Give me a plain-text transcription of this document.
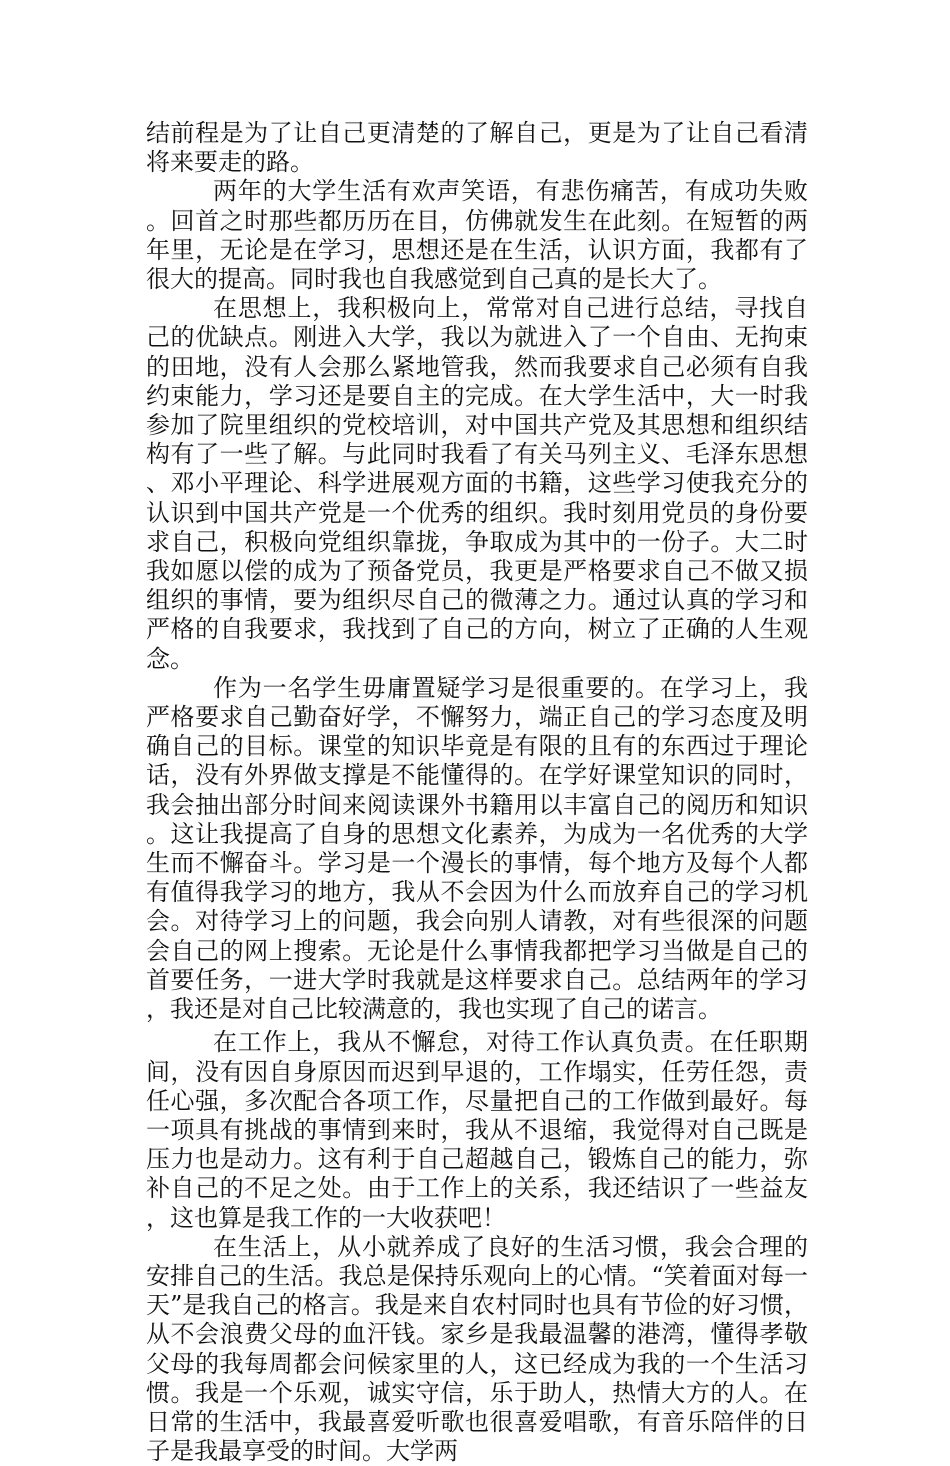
结前程是为了让自己更清楚的了解自己，更是为了让自己看清将来要走的路。

两年的大学生活有欢声笑语，有悲伤痛苦，有成功失败。回首之时那些都历历在目，仿佛就发生在此刻。在短暂的两年里，无论是在学习，思想还是在生活，认识方面，我都有了很大的提高。同时我也自我感觉到自己真的是长大了。

在思想上，我积极向上，常常对自己进行总结，寻找自己的优缺点。刚进入大学，我以为就进入了一个自由、无拘束的田地，没有人会那么紧地管我，然而我要求自己必须有自我约束能力，学习还是要自主的完成。在大学生活中，大一时我参加了院里组织的党校培训，对中国共产党及其思想和组织结构有了一些了解。与此同时我看了有关马列主义、毛泽东思想、邓小平理论、科学进展观方面的书籍，这些学习使我充分的认识到中国共产党是一个优秀的组织。我时刻用党员的身份要求自己，积极向党组织靠拢，争取成为其中的一份子。大二时我如愿以偿的成为了预备党员，我更是严格要求自己不做又损组织的事情，要为组织尽自己的微薄之力。通过认真的学习和严格的自我要求，我找到了自己的方向，树立了正确的人生观念。

作为一名学生毋庸置疑学习是很重要的。在学习上，我严格要求自己勤奋好学，不懈努力，端正自己的学习态度及明确自己的目标。课堂的知识毕竟是有限的且有的东西过于理论话，没有外界做支撑是不能懂得的。在学好课堂知识的同时，我会抽出部分时间来阅读课外书籍用以丰富自己的阅历和知识。这让我提高了自身的思想文化素养，为成为一名优秀的大学生而不懈奋斗。学习是一个漫长的事情，每个地方及每个人都有值得我学习的地方，我从不会因为什么而放弃自己的学习机会。对待学习上的问题，我会向别人请教，对有些很深的问题会自己的网上搜索。无论是什么事情我都把学习当做是自己的首要任务，一进大学时我就是这样要求自己。总结两年的学习，我还是对自己比较满意的，我也实现了自己的诺言。

在工作上，我从不懈怠，对待工作认真负责。在任职期间，没有因自身原因而迟到早退的，工作塌实，任劳任怨，责任心强，多次配合各项工作，尽量把自己的工作做到最好。每一项具有挑战的事情到来时，我从不退缩，我觉得对自己既是压力也是动力。这有利于自己超越自己，锻炼自己的能力，弥补自己的不足之处。由于工作上的关系，我还结识了一些益友，这也算是我工作的一大收获吧！

在生活上，从小就养成了良好的生活习惯，我会合理的安排自己的生活。我总是保持乐观向上的心情。“笑着面对每一天”是我自己的格言。我是来自农村同时也具有节俭的好习惯，从不会浪费父母的血汗钱。家乡是我最温馨的港湾，懂得孝敬父母的我每周都会问候家里的人，这已经成为我的一个生活习惯。我是一个乐观，诚实守信，乐于助人，热情大方的人。在日常的生活中，我最喜爱听歌也很喜爱唱歌，有音乐陪伴的日子是我最享受的时间。大学两
